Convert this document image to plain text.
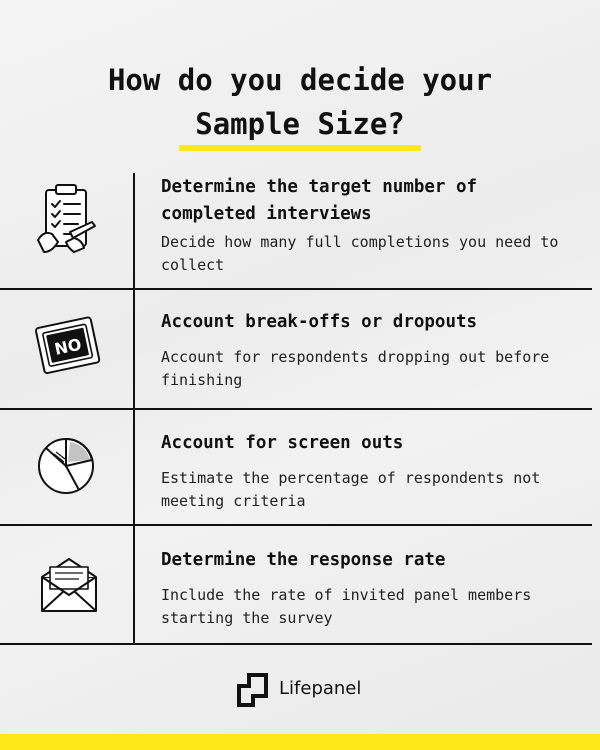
How do you decide your
Sample Size?
Determine the target number of completed interviews
Decide how many full completions you need to collect
NO
Account break-offs or dropouts
Account for respondents dropping out before finishing
Account for screen outs
Estimate the percentage of respondents not meeting criteria
Determine the response rate
Include the rate of invited panel members starting the survey
Lifepanel
